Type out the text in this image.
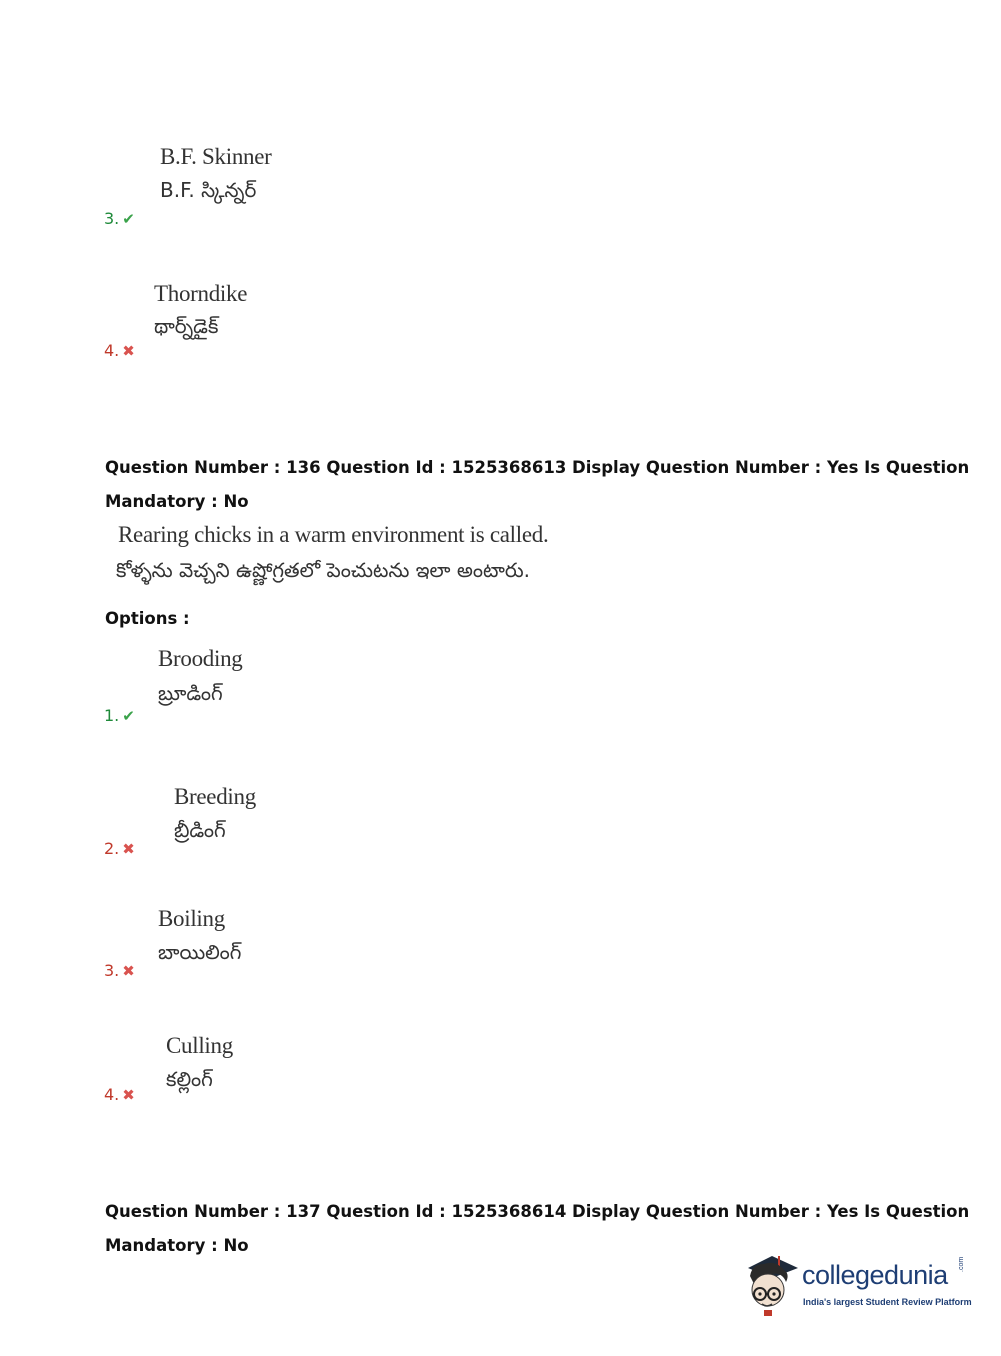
B.F. Skinner
B.F. స్కిన్నర్
3. ✔
Thorndike
థార్న్‌డైక్
4. ✖
Question Number : 136 Question Id : 1525368613 Display Question Number : Yes Is Question
Mandatory : No
Rearing chicks in a warm environment is called.
కోళ్ళను వెచ్చని ఉష్ణోగ్రతలో పెంచుటను ఇలా అంటారు.
Options :
Brooding
బ్రూడింగ్
1. ✔
Breeding
బ్రీడింగ్
2. ✖
Boiling
బాయిలింగ్
3. ✖
Culling
కల్లింగ్
4. ✖
Question Number : 137 Question Id : 1525368614 Display Question Number : Yes Is Question
Mandatory : No
collegedunia .com
India's largest Student Review Platform
